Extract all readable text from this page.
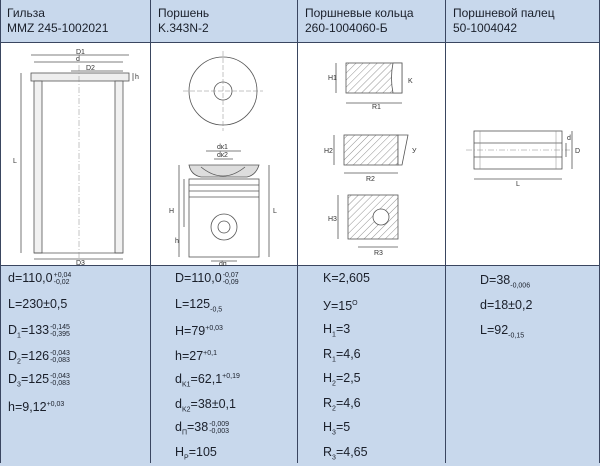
Гильза
MMZ 245-1002021
Поршень
K.343N-2
Поршневые кольца
260-1004060-Б
Поршневой палец
50-1004042
D1
d
D2
L
D3
h
dк1
dк2
H	L
h
dп
H1
R1
H2
R2
H3
R3
K
У
L
D
d
d=110,0 +0,04
-0,02
L=230±0,5
$D_1=133$ -0,145
-0,395
$D_2=126$ -0,043
-0,083
$D_3=125$ -0,043
-0,083
$h=9,12^{+0,03}$
D=110,0 -0,07
-0,09
$L=125_{-0,5}$
$H=79^{+0,03}$
$h=27^{+0,1}$
$d_{K1}=62,1^{+0,19}$
$d_{K2}=38\pm 0,1$
$d_П=38$ -0,009
-0,003
$H_Р=105$
K=2,605
$У=15^О$
$H_1=3$
$R_1=4,6$
$H_2=2,5$
$R_2=4,6$
$H_3=5$
$R_3=4,65$
$D=38_{-0,006}$
d=18±0,2
$L=92_{-0,15}$
